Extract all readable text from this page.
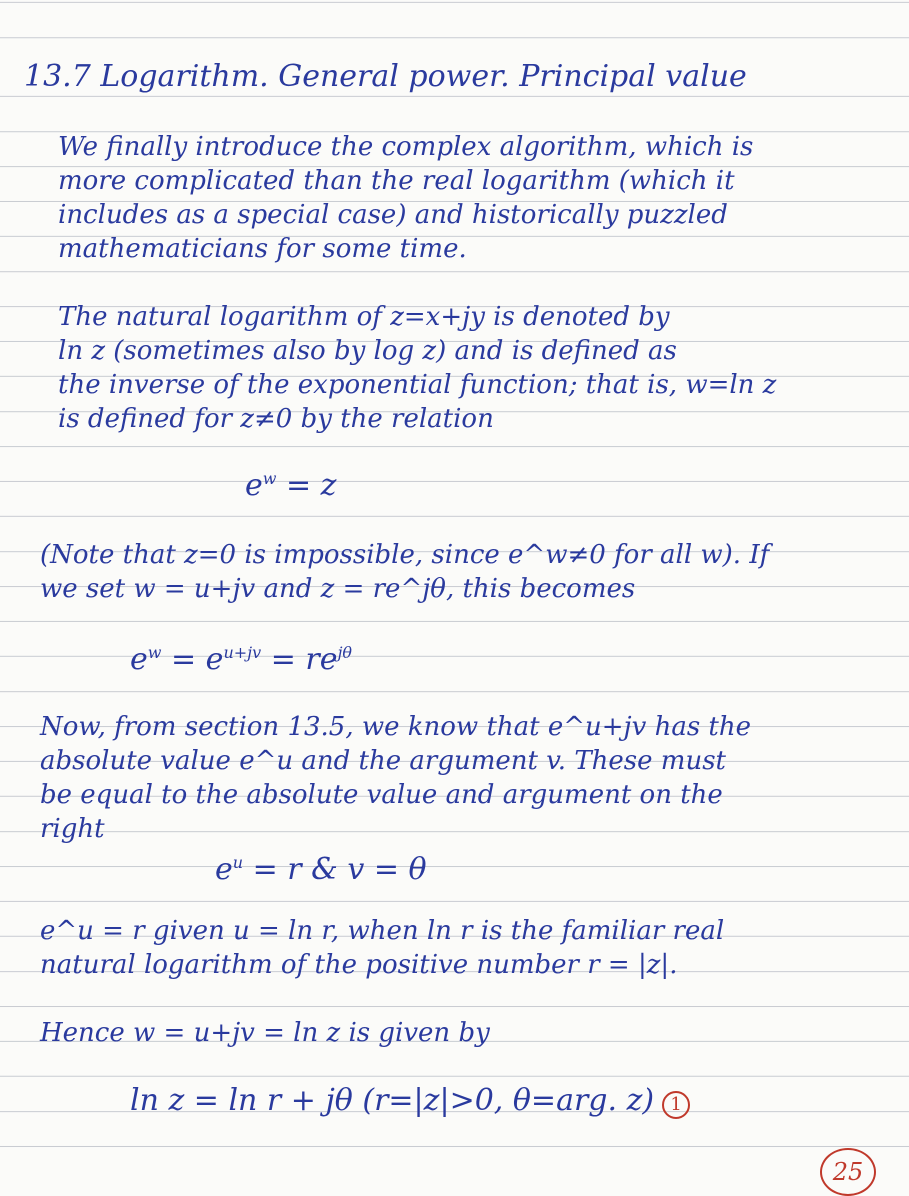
13.7 Logarithm. General power. Principal value
We finally introduce the complex algorithm, which is
more complicated than the real logarithm (which it
includes as a special case) and historically puzzled
mathematicians for some time.
The natural logarithm of z=x+jy is denoted by
ln z (sometimes also by log z) and is defined as
the inverse of the exponential function; that is, w=ln z
is defined for z≠0 by the relation
$e^w = z$
(Note that z=0 is impossible, since e^w≠0 for all w). If
we set w = u+jv and z = re^jθ, this becomes
$e^w = e^{u+jv} = re^{j\theta}$
Now, from section 13.5, we know that e^u+jv has the
absolute value e^u and the argument v. These must
be equal to the absolute value and argument on the
right
$e^u = r$ & v = θ
e^u = r given u = ln r, when ln r is the familiar real
natural logarithm of the positive number r = |z|.
Hence w = u+jv = ln z is given by
ln z = ln r + jθ (r=|z|>0, θ=arg. z) 1
25
